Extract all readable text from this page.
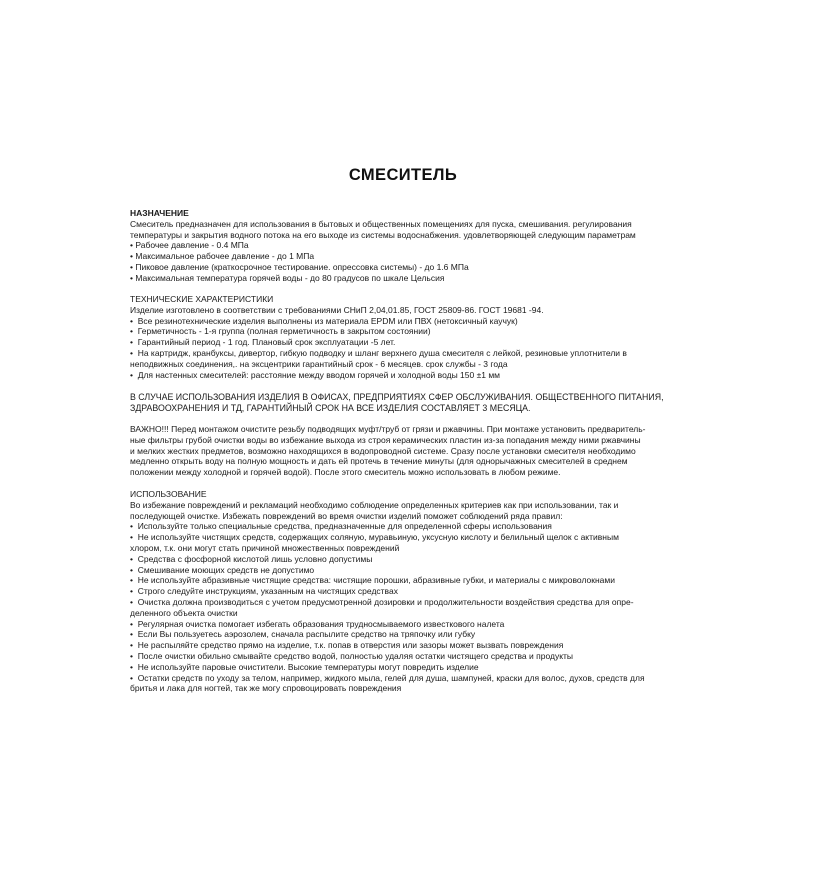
СМЕСИТЕЛЬ
НАЗНАЧЕНИЕ
Смеситель предназначен для использования в бытовых и общественных помещениях для пуска, смешивания. регулирования
температуры и закрытия водного потока на его выходе из системы водоснабжения. удовлетворяющей следующим параметрам
• Рабочее давление - 0.4 МПа
• Максимальное рабочее давление - до 1 МПа
• Пиковое давление (краткосрочное тестирование. опрессовка системы) - до 1.6 МПа
• Максимальная температура горячей воды - до 80 градусов по шкале Цельсия
ТЕХНИЧЕСКИЕ ХАРАКТЕРИСТИКИ
Изделие изготовлено в соответствии с требованиями СНиП 2,04,01.85, ГОСТ 25809-86. ГОСТ 19681 -94.
•  Все резинотехнические изделия выполнены из материала EPDM или ПВХ (нетоксичный каучук)
•  Герметичность - 1-я группа (полная герметичность в закрытом состоянии)
•  Гарантийный период - 1 год. Плановый срок эксплуатации -5 лет.
•  На картридж, кранбуксы, дивертор, гибкую подводку и шланг верхнего душа смесителя с лейкой, резиновые уплотнители в
неподвижных соединения,. на эксцентрики гарантийный срок - 6 месяцев. срок службы - 3 года
•  Для настенных смесителей: расстояние между вводом горячей и холодной воды 150 ±1 мм
В СЛУЧАЕ ИСПОЛЬЗОВАНИЯ ИЗДЕЛИЯ В ОФИСАХ, ПРЕДПРИЯТИЯХ СФЕР ОБСЛУЖИВАНИЯ. ОБЩЕСТВЕННОГО ПИТАНИЯ,
ЗДРАВООХРАНЕНИЯ И ТД, ГАРАНТИЙНЫЙ СРОК НА ВСЕ ИЗДЕЛИЯ СОСТАВЛЯЕТ 3 МЕСЯЦА.
ВАЖНО!!! Перед монтажом очистите резьбу подводящих муфт/труб от грязи и ржавчины. При монтаже установить предваритель-
ные фильтры грубой очистки воды во избежание выхода из строя керамических пластин из-за попадания между ними ржавчины
и мелких жестких предметов, возможно находящихся в водопроводной системе. Сразу после установки смесителя необходимо
медленно открыть воду на полную мощность и дать ей протечь в течение минуты (для однорычажных смесителей в среднем
положении между холодной и горячей водой). После этого смеситель можно использовать в любом режиме.
ИСПОЛЬЗОВАНИЕ
Во избежание повреждений и рекламаций необходимо соблюдение определенных критериев как при использовании, так и
последующей очистке. Избежать повреждений во время очистки изделий поможет соблюдений ряда правил:
•  Используйте только специальные средства, предназначенные для определенной сферы использования
•  Не используйте чистящих средств, содержащих соляную, муравьиную, уксусную кислоту и белильный щелок с активным
хлором, т.к. они могут стать причиной множественных повреждений
•  Средства с фосфорной кислотой лишь условно допустимы
•  Смешивание моющих средств не допустимо
•  Не используйте абразивные чистящие средства: чистящие порошки, абразивные губки, и материалы с микроволокнами
•  Строго следуйте инструкциям, указанным на чистящих средствах
•  Очистка должна производиться с учетом предусмотренной дозировки и продолжительности воздействия средства для опре-
деленного объекта очистки
•  Регулярная очистка помогает избегать образования трудносмываемого известкового налета
•  Если Вы пользуетесь аэрозолем, сначала распылите средство на тряпочку или губку
•  Не распыляйте средство прямо на изделие, т.к. попав в отверстия или зазоры может вызвать повреждения
•  После очистки обильно смывайте средство водой, полностью удаляя остатки чистящего средства и продукты
•  Не используйте паровые очистители. Высокие температуры могут повредить изделие
•  Остатки средств по уходу за телом, например, жидкого мыла, гелей для душа, шампуней, краски для волос, духов, средств для
бритья и лака для ногтей, так же могу спровоцировать повреждения
